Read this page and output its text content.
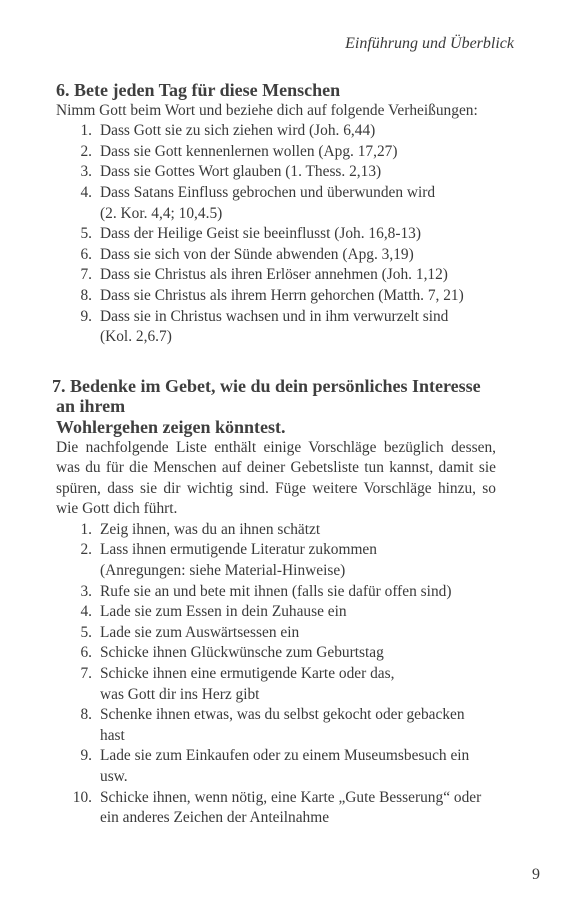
Einführung und Überblick
6. Bete jeden Tag für diese Menschen

Nimm Gott beim Wort und beziehe dich auf folgende Verheißungen:

1. Dass Gott sie zu sich ziehen wird (Joh. 6,44)
2. Dass sie Gott kennenlernen wollen (Apg. 17,27)
3. Dass sie Gottes Wort glauben (1. Thess. 2,13)
4. Dass Satans Einfluss gebrochen und überwunden wird
(2. Kor. 4,4; 10,4.5)
5. Dass der Heilige Geist sie beeinflusst (Joh. 16,8-13)
6. Dass sie sich von der Sünde abwenden (Apg. 3,19)
7. Dass sie Christus als ihren Erlöser annehmen (Joh. 1,12)
8. Dass sie Christus als ihrem Herrn gehorchen (Matth. 7, 21)
9. Dass sie in Christus wachsen und in ihm verwurzelt sind
(Kol. 2,6.7)
7. Bedenke im Gebet, wie du dein persönliches Interesse an ihrem
Wohlergehen zeigen könntest.

Die nachfolgende Liste enthält einige Vorschläge bezüglich dessen, was du für die Menschen auf deiner Gebetsliste tun kannst, damit sie spüren, dass sie dir wichtig sind. Füge weitere Vorschläge hinzu, so wie Gott dich führt.

1. Zeig ihnen, was du an ihnen schätzt
2. Lass ihnen ermutigende Literatur zukommen
(Anregungen: siehe Material-Hinweise)
3. Rufe sie an und bete mit ihnen (falls sie dafür offen sind)
4. Lade sie zum Essen in dein Zuhause ein
5. Lade sie zum Auswärtsessen ein
6. Schicke ihnen Glückwünsche zum Geburtstag
7. Schicke ihnen eine ermutigende Karte oder das,
was Gott dir ins Herz gibt
8. Schenke ihnen etwas, was du selbst gekocht oder gebacken
hast
9. Lade sie zum Einkaufen oder zu einem Museumsbesuch ein
usw.
10. Schicke ihnen, wenn nötig, eine Karte „Gute Besserung“ oder
ein anderes Zeichen der Anteilnahme
9
